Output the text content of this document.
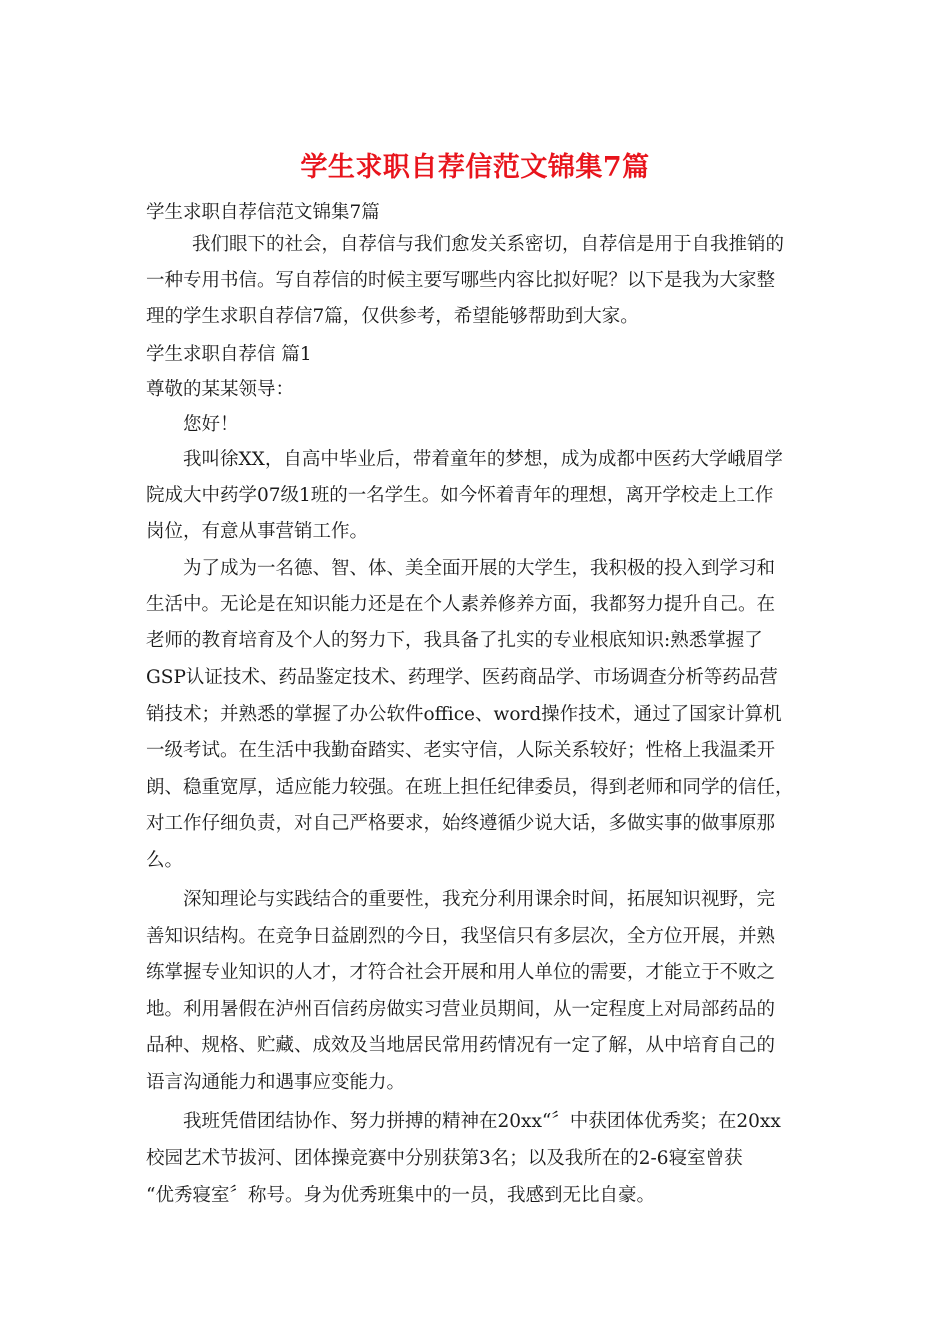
学生求职自荐信范文锦集7篇

学生求职自荐信范文锦集7篇

我们眼下的社会，自荐信与我们愈发关系密切，自荐信是用于自我推销的

一种专用书信。写自荐信的时候主要写哪些内容比拟好呢？以下是我为大家整

理的学生求职自荐信7篇，仅供参考，希望能够帮助到大家。

学生求职自荐信 篇1

尊敬的某某领导：

您好！

我叫徐XX，自高中毕业后，带着童年的梦想，成为成都中医药大学峨眉学

院成大中药学07级1班的一名学生。如今怀着青年的理想，离开学校走上工作

岗位，有意从事营销工作。

为了成为一名德、智、体、美全面开展的大学生，我积极的投入到学习和

生活中。无论是在知识能力还是在个人素养修养方面，我都努力提升自己。在

老师的教育培育及个人的努力下，我具备了扎实的专业根底知识:熟悉掌握了

GSP认证技术、药品鉴定技术、药理学、医药商品学、市场调查分析等药品营

销技术；并熟悉的掌握了办公软件office、word操作技术，通过了国家计算机

一级考试。在生活中我勤奋踏实、老实守信，人际关系较好；性格上我温柔开

朗、稳重宽厚，适应能力较强。在班上担任纪律委员，得到老师和同学的信任，

对工作仔细负责，对自己严格要求，始终遵循少说大话，多做实事的做事原那

么。

深知理论与实践结合的重要性，我充分利用课余时间，拓展知识视野，完

善知识结构。在竞争日益剧烈的今日，我坚信只有多层次，全方位开展，并熟

练掌握专业知识的人才，才符合社会开展和用人单位的需要，才能立于不败之

地。利用暑假在泸州百信药房做实习营业员期间，从一定程度上对局部药品的

品种、规格、贮藏、成效及当地居民常用药情况有一定了解，从中培育自己的

语言沟通能力和遇事应变能力。

我班凭借团结协作、努力拼搏的精神在20xx“〞中获团体优秀奖；在20xx

校园艺术节拔河、团体操竞赛中分别获第3名；以及我所在的2-6寝室曾获

“优秀寝室〞称号。身为优秀班集中的一员，我感到无比自豪。
